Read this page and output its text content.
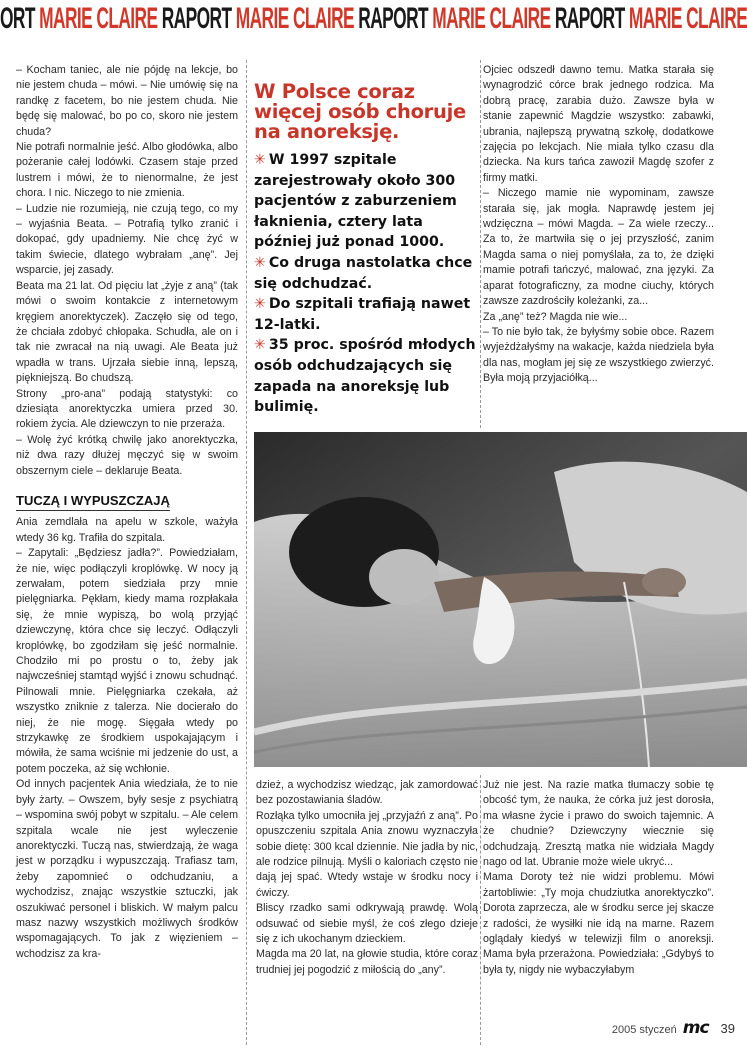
ORT MARIE CLAIRE RAPORT MARIE CLAIRE RAPORT MARIE CLAIRE RAPORT MARIE CLAIRE

– Kocham taniec, ale nie pójdę na lekcje, bo nie jestem chuda – mówi. – Nie umówię się na randkę z facetem, bo nie jestem chuda. Nie będę się malować, bo po co, skoro nie jestem chuda?

Nie potrafi normalnie jeść. Albo głodówka, albo pożeranie całej lodówki. Czasem staje przed lustrem i mówi, że to nienormalne, że jest chora. I nic. Niczego to nie zmienia.

– Ludzie nie rozumieją, nie czują tego, co my – wyjaśnia Beata. – Potrafią tylko zranić i dokopać, gdy upadniemy. Nie chcę żyć w takim świecie, dlatego wybrałam „anę”. Jej wsparcie, jej zasady.

Beata ma 21 lat. Od pięciu lat „żyje z aną” (tak mówi o swoim kontakcie z internetowym kręgiem anorektyczek). Zaczęło się od tego, że chciała zdobyć chłopaka. Schudła, ale on i tak nie zwracał na nią uwagi. Ale Beata już wpadła w trans. Ujrzała siebie inną, lepszą, piękniejszą. Bo chudszą.

Strony „pro-ana” podają statystyki: co dziesiąta anorektyczka umiera przed 30. rokiem życia. Ale dziewczyn to nie przeraża.

– Wolę żyć krótką chwilę jako anorektyczka, niż dwa razy dłużej męczyć się w swoim obszernym ciele – deklaruje Beata.

TUCZĄ I WYPUSZCZAJĄ

Ania zemdlała na apelu w szkole, ważyła wtedy 36 kg. Trafiła do szpitala.

– Zapytali: „Będziesz jadła?”. Powiedziałam, że nie, więc podłączyli kroplówkę. W nocy ją zerwałam, potem siedziała przy mnie pielęgniarka. Pękłam, kiedy mama rozpłakała się, że mnie wypiszą, bo wolą przyjąć dziewczynę, która chce się leczyć. Odłączyli kroplówkę, bo zgodziłam się jeść normalnie. Chodziło mi po prostu o to, żeby jak najwcześniej stamtąd wyjść i znowu schudnąć. Pilnowali mnie. Pielęgniarka czekała, aż wszystko zniknie z talerza. Nie docierało do niej, że nie mogę. Sięgała wtedy po strzykawkę ze środkiem uspokajającym i mówiła, że sama wciśnie mi jedzenie do ust, a potem poczeka, aż się wchłonie.

Od innych pacjentek Ania wiedziała, że to nie były żarty. – Owszem, były sesje z psychiatrą – wspomina swój pobyt w szpitalu. – Ale celem szpitala wcale nie jest wyleczenie anorektyczki. Tuczą nas, stwierdzają, że waga jest w porządku i wypuszczają. Trafiasz tam, żeby zapomnieć o odchudzaniu, a wychodzisz, znając wszystkie sztuczki, jak oszukiwać personel i bliskich. W małym palcu masz nazwy wszystkich możliwych środków wspomagających. To jak z więzieniem – wchodzisz za kra-

W Polsce coraz więcej osób choruje na anoreksję.
✳ W 1997 szpitale zarejestrowały około 300 pacjentów z zaburzeniem łaknienia, cztery lata później już ponad 1000.
✳ Co druga nastolatka chce się odchudzać.
✳ Do szpitali trafiają nawet 12-latki.
✳ 35 proc. spośród młodych osób odchudzających się zapada na anoreksję lub bulimię.

Ojciec odszedł dawno temu. Matka starała się wynagrodzić córce brak jednego rodzica. Ma dobrą pracę, zarabia dużo. Zawsze była w stanie zapewnić Magdzie wszystko: zabawki, ubrania, najlepszą prywatną szkołę, dodatkowe zajęcia po lekcjach. Nie miała tylko czasu dla dziecka. Na kurs tańca zawoził Magdę szofer z firmy matki.

– Niczego mamie nie wypominam, zawsze starała się, jak mogła. Naprawdę jestem jej wdzięczna – mówi Magda. – Za wiele rzeczy... Za to, że martwiła się o jej przyszłość, zanim Magda sama o niej pomyślała, za to, że dzięki mamie potrafi tańczyć, malować, zna języki. Za aparat fotograficzny, za modne ciuchy, których zawsze zazdrościły koleżanki, za...

Za „anę” też? Magda nie wie...

– To nie było tak, że byłyśmy sobie obce. Razem wyjeżdżałyśmy na wakacje, każda niedziela była dla nas, mogłam jej się ze wszystkiego zwierzyć. Była moją przyjaciółką...

dzież, a wychodzisz wiedząc, jak zamordować bez pozostawiania śladów.

Rozłąka tylko umocniła jej „przyjaźń z aną”. Po opuszczeniu szpitala Ania znowu wyznaczyła sobie dietę: 300 kcal dziennie. Nie jadła by nic, ale rodzice pilnują. Myśli o kaloriach często nie dają jej spać. Wtedy wstaje w środku nocy i ćwiczy.

Bliscy rzadko sami odkrywają prawdę. Wolą odsuwać od siebie myśl, że coś złego dzieje się z ich ukochanym dzieckiem.

Magda ma 20 lat, na głowie studia, które coraz trudniej jej pogodzić z miłością do „any”.

Już nie jest. Na razie matka tłumaczy sobie tę obcość tym, że nauka, że córka już jest dorosła, ma własne życie i prawo do swoich tajemnic. A że chudnie? Dziewczyny wiecznie się odchudzają. Zresztą matka nie widziała Magdy nago od lat. Ubranie może wiele ukryć...

Mama Doroty też nie widzi problemu. Mówi żartobliwie: „Ty moja chudziutka anorektyczko”. Dorota zaprzecza, ale w środku serce jej skacze z radości, że wysiłki nie idą na marne. Razem oglądały kiedyś w telewizji film o anoreksji. Mama była przerażona. Powiedziała: „Gdybyś to była ty, nigdy nie wybaczyłabym

2005 styczeń mc 39
